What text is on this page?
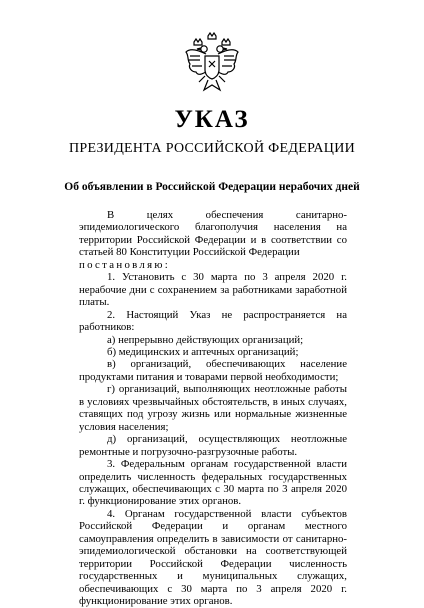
УКАЗ
ПРЕЗИДЕНТА РОССИЙСКОЙ ФЕДЕРАЦИИ
Об объявлении в Российской Федерации нерабочих дней

В целях обеспечения санитарно-эпидемиологического благополучия населения на территории Российской Федерации и в соответствии со статьей 80 Конституции Российской Федерации

постановляю:

1. Установить с 30 марта по 3 апреля 2020 г. нерабочие дни с сохранением за работниками заработной платы.

2. Настоящий Указ не распространяется на работников:

а) непрерывно действующих организаций;

б) медицинских и аптечных организаций;

в) организаций, обеспечивающих население продуктами питания и товарами первой необходимости;

г) организаций, выполняющих неотложные работы в условиях чрезвычайных обстоятельств, в иных случаях, ставящих под угрозу жизнь или нормальные жизненные условия населения;

д) организаций, осуществляющих неотложные ремонтные и погрузочно-разгрузочные работы.

3. Федеральным органам государственной власти определить численность федеральных государственных служащих, обеспечивающих с 30 марта по 3 апреля 2020 г. функционирование этих органов.

4. Органам государственной власти субъектов Российской Федерации и органам местного самоуправления определить в зависимости от санитарно-эпидемиологической обстановки на соответствующей территории Российской Федерации численность государственных и муниципальных служащих, обеспечивающих с 30 марта по 3 апреля 2020 г. функционирование этих органов.
